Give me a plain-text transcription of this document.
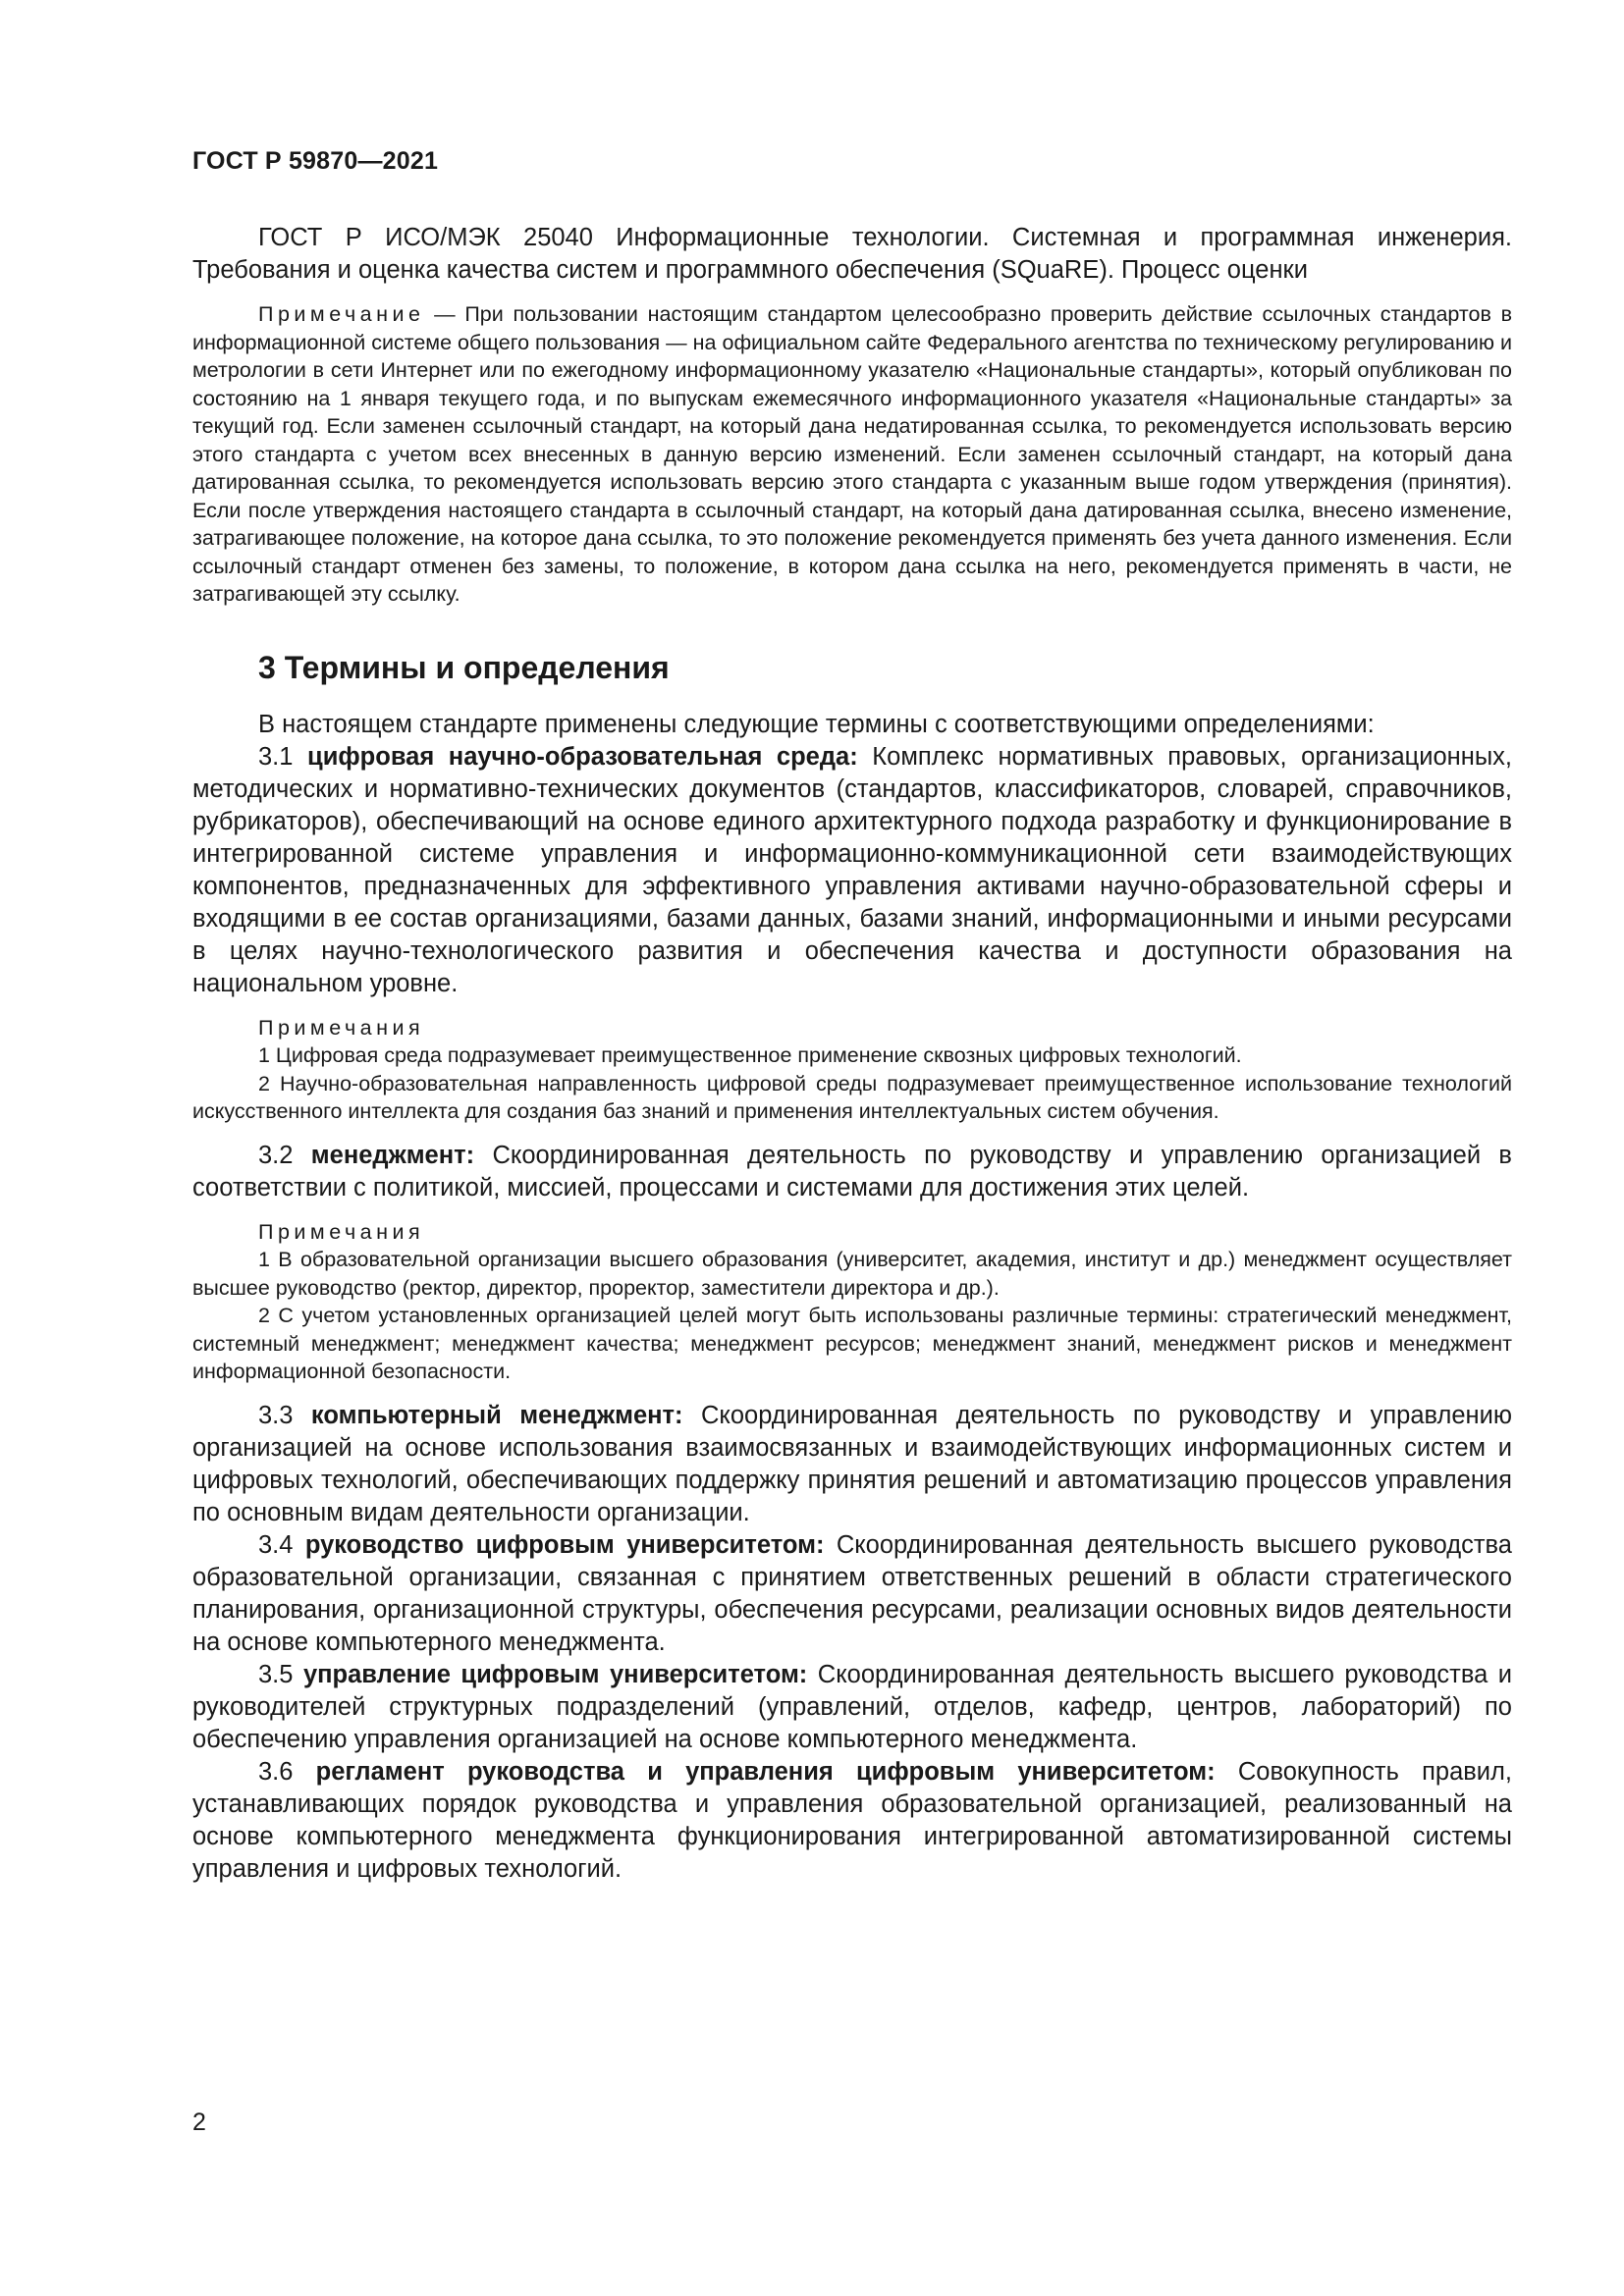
ГОСТ Р 59870—2021

ГОСТ Р ИСО/МЭК 25040 Информационные технологии. Системная и программная инженерия. Требования и оценка качества систем и программного обеспечения (SQuaRE). Процесс оценки

Примечание — При пользовании настоящим стандартом целесообразно проверить действие ссылочных стандартов в информационной системе общего пользования — на официальном сайте Федерального агентства по техническому регулированию и метрологии в сети Интернет или по ежегодному информационному указателю «Национальные стандарты», который опубликован по состоянию на 1 января текущего года, и по выпускам ежемесячного информационного указателя «Национальные стандарты» за текущий год. Если заменен ссылочный стандарт, на который дана недатированная ссылка, то рекомендуется использовать версию этого стандарта с учетом всех внесенных в данную версию изменений. Если заменен ссылочный стандарт, на который дана датированная ссылка, то рекомендуется использовать версию этого стандарта с указанным выше годом утверждения (принятия). Если после утверждения настоящего стандарта в ссылочный стандарт, на который дана датированная ссылка, внесено изменение, затрагивающее положение, на которое дана ссылка, то это положение рекомендуется применять без учета данного изменения. Если ссылочный стандарт отменен без замены, то положение, в котором дана ссылка на него, рекомендуется применять в части, не затрагивающей эту ссылку.

3 Термины и определения

В настоящем стандарте применены следующие термины с соответствующими определениями:

3.1 цифровая научно-образовательная среда: Комплекс нормативных правовых, организационных, методических и нормативно-технических документов (стандартов, классификаторов, словарей, справочников, рубрикаторов), обеспечивающий на основе единого архитектурного подхода разработку и функционирование в интегрированной системе управления и информационно-коммуникационной сети взаимодействующих компонентов, предназначенных для эффективного управления активами научно-образовательной сферы и входящими в ее состав организациями, базами данных, базами знаний, информационными и иными ресурсами в целях научно-технологического развития и обеспечения качества и доступности образования на национальном уровне.

Примечания

1 Цифровая среда подразумевает преимущественное применение сквозных цифровых технологий.

2 Научно-образовательная направленность цифровой среды подразумевает преимущественное использование технологий искусственного интеллекта для создания баз знаний и применения интеллектуальных систем обучения.

3.2 менеджмент: Скоординированная деятельность по руководству и управлению организацией в соответствии с политикой, миссией, процессами и системами для достижения этих целей.

Примечания

1 В образовательной организации высшего образования (университет, академия, институт и др.) менеджмент осуществляет высшее руководство (ректор, директор, проректор, заместители директора и др.).

2 С учетом установленных организацией целей могут быть использованы различные термины: стратегический менеджмент, системный менеджмент; менеджмент качества; менеджмент ресурсов; менеджмент знаний, менеджмент рисков и менеджмент информационной безопасности.

3.3 компьютерный менеджмент: Скоординированная деятельность по руководству и управлению организацией на основе использования взаимосвязанных и взаимодействующих информационных систем и цифровых технологий, обеспечивающих поддержку принятия решений и автоматизацию процессов управления по основным видам деятельности организации.

3.4 руководство цифровым университетом: Скоординированная деятельность высшего руководства образовательной организации, связанная с принятием ответственных решений в области стратегического планирования, организационной структуры, обеспечения ресурсами, реализации основных видов деятельности на основе компьютерного менеджмента.

3.5 управление цифровым университетом: Скоординированная деятельность высшего руководства и руководителей структурных подразделений (управлений, отделов, кафедр, центров, лабораторий) по обеспечению управления организацией на основе компьютерного менеджмента.

3.6 регламент руководства и управления цифровым университетом: Совокупность правил, устанавливающих порядок руководства и управления образовательной организацией, реализованный на основе компьютерного менеджмента функционирования интегрированной автоматизированной системы управления и цифровых технологий.

2
